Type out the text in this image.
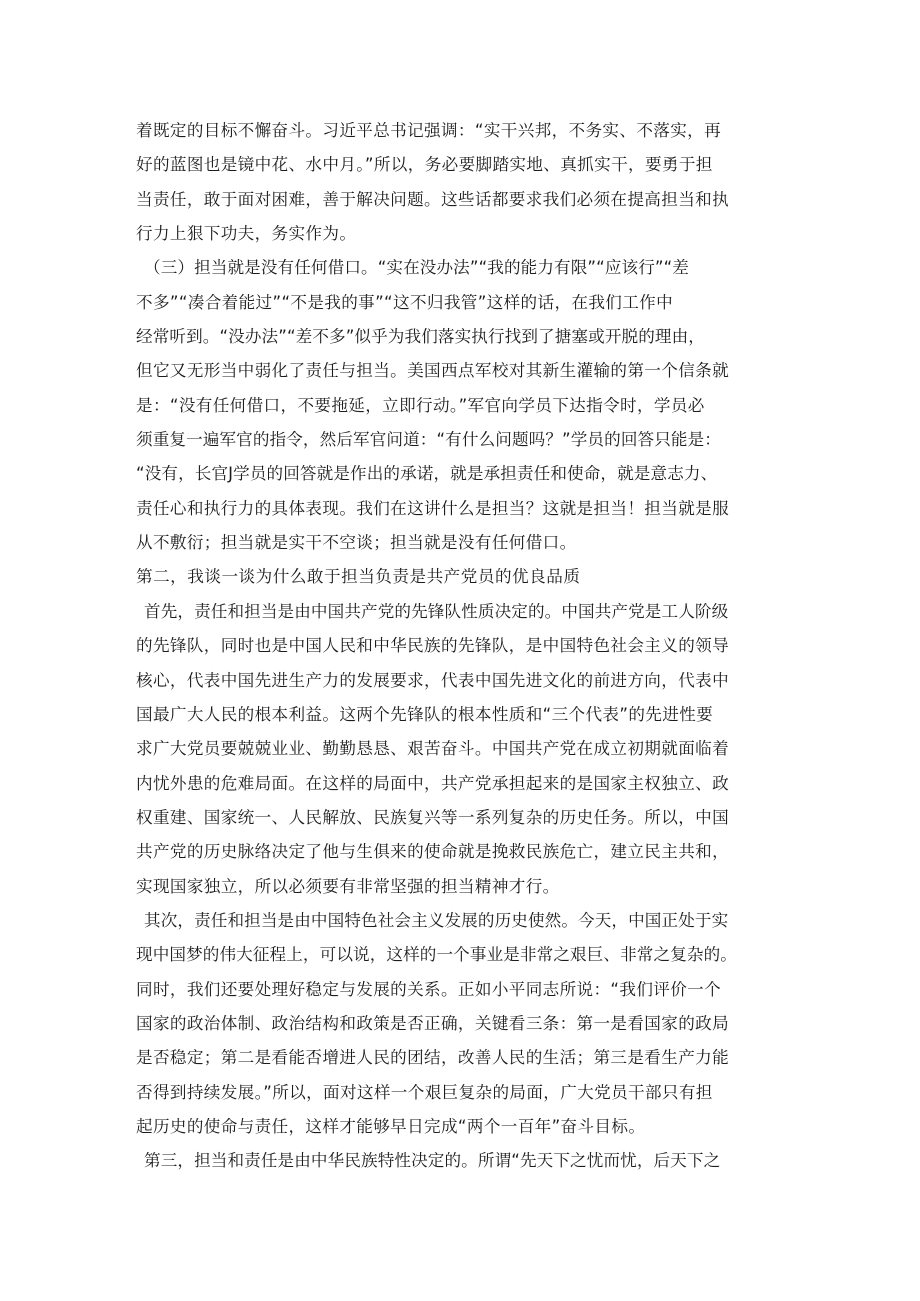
着既定的目标不懈奋斗。习近平总书记强调：“实干兴邦，不务实、不落实，再
好的蓝图也是镜中花、水中月。”所以，务必要脚踏实地、真抓实干，要勇于担
当责任，敢于面对困难，善于解决问题。这些话都要求我们必须在提高担当和执
行力上狠下功夫，务实作为。
（三）担当就是没有任何借口。“实在没办法”“我的能力有限”“应该行”“差
不多”“凑合着能过”“不是我的事”“这不归我管”这样的话，在我们工作中
经常听到。“没办法”“差不多”似乎为我们落实执行找到了搪塞或开脱的理由，
但它又无形当中弱化了责任与担当。美国西点军校对其新生灌输的第一个信条就
是：“没有任何借口，不要拖延，立即行动。”军官向学员下达指令时，学员必
须重复一遍军官的指令，然后军官问道：“有什么问题吗？”学员的回答只能是：
“没有，长官J学员的回答就是作出的承诺，就是承担责任和使命，就是意志力、
责任心和执行力的具体表现。我们在这讲什么是担当？这就是担当！担当就是服
从不敷衍；担当就是实干不空谈；担当就是没有任何借口。
第二，我谈一谈为什么敢于担当负责是共产党员的优良品质
首先，责任和担当是由中国共产党的先锋队性质决定的。中国共产党是工人阶级
的先锋队，同时也是中国人民和中华民族的先锋队，是中国特色社会主义的领导
核心，代表中国先进生产力的发展要求，代表中国先进文化的前进方向，代表中
国最广大人民的根本利益。这两个先锋队的根本性质和“三个代表”的先进性要
求广大党员要兢兢业业、勤勤恳恳、艰苦奋斗。中国共产党在成立初期就面临着
内忧外患的危难局面。在这样的局面中，共产党承担起来的是国家主权独立、政
权重建、国家统一、人民解放、民族复兴等一系列复杂的历史任务。所以，中国
共产党的历史脉络决定了他与生俱来的使命就是挽救民族危亡，建立民主共和，
实现国家独立，所以必须要有非常坚强的担当精神才行。
其次，责任和担当是由中国特色社会主义发展的历史使然。今天，中国正处于实
现中国梦的伟大征程上，可以说，这样的一个事业是非常之艰巨、非常之复杂的。
同时，我们还要处理好稳定与发展的关系。正如小平同志所说：“我们评价一个
国家的政治体制、政治结构和政策是否正确，关键看三条：第一是看国家的政局
是否稳定；第二是看能否增进人民的团结，改善人民的生活；第三是看生产力能
否得到持续发展。”所以，面对这样一个艰巨复杂的局面，广大党员干部只有担
起历史的使命与责任，这样才能够早日完成“两个一百年”奋斗目标。
第三，担当和责任是由中华民族特性决定的。所谓“先天下之忧而忧，后天下之
